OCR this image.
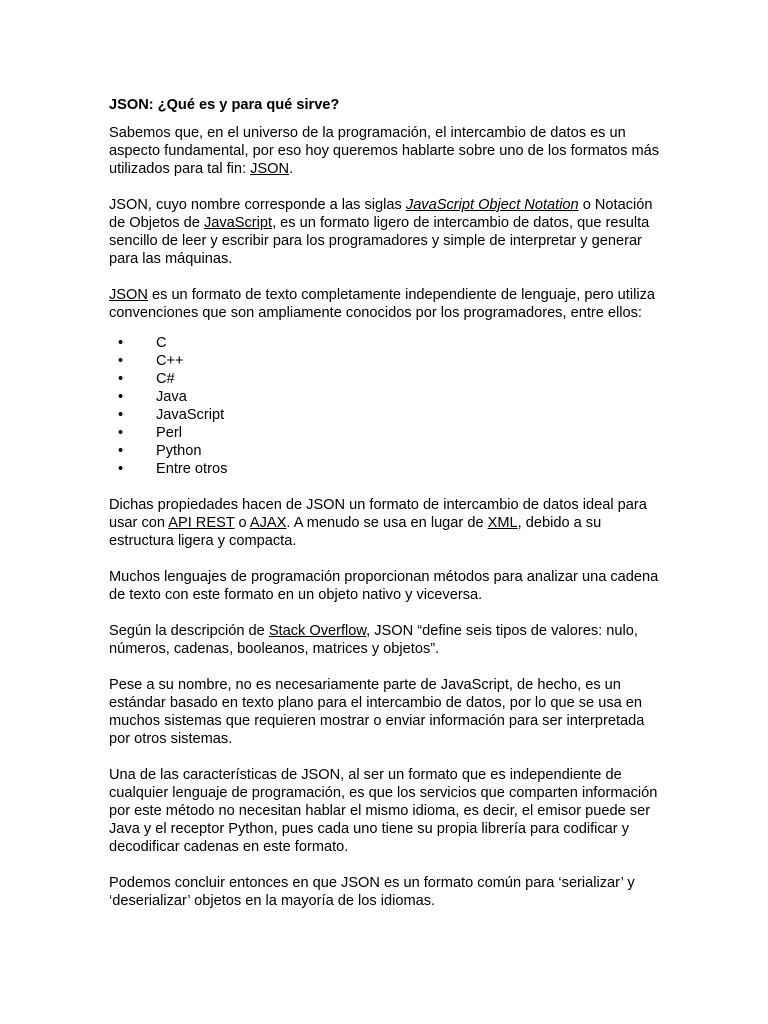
JSON: ¿Qué es y para qué sirve?

Sabemos que, en el universo de la programación, el intercambio de datos es un aspecto fundamental, por eso hoy queremos hablarte sobre uno de los formatos más utilizados para tal fin: JSON.

JSON, cuyo nombre corresponde a las siglas JavaScript Object Notation o Notación de Objetos de JavaScript, es un formato ligero de intercambio de datos, que resulta sencillo de leer y escribir para los programadores y simple de interpretar y generar para las máquinas.

JSON es un formato de texto completamente independiente de lenguaje, pero utiliza convenciones que son ampliamente conocidos por los programadores, entre ellos:

• C
• C++
• C#
• Java
• JavaScript
• Perl
• Python
• Entre otros

Dichas propiedades hacen de JSON un formato de intercambio de datos ideal para usar con API REST o AJAX. A menudo se usa en lugar de XML, debido a su estructura ligera y compacta.

Muchos lenguajes de programación proporcionan métodos para analizar una cadena de texto con este formato en un objeto nativo y viceversa.

Según la descripción de Stack Overflow, JSON “define seis tipos de valores: nulo, números, cadenas, booleanos, matrices y objetos”.

Pese a su nombre, no es necesariamente parte de JavaScript, de hecho, es un estándar basado en texto plano para el intercambio de datos, por lo que se usa en muchos sistemas que requieren mostrar o enviar información para ser interpretada por otros sistemas.

Una de las características de JSON, al ser un formato que es independiente de cualquier lenguaje de programación, es que los servicios que comparten información por este método no necesitan hablar el mismo idioma, es decir, el emisor puede ser Java y el receptor Python, pues cada uno tiene su propia librería para codificar y decodificar cadenas en este formato.

Podemos concluir entonces en que JSON es un formato común para ‘serializar’ y ‘deserializar’ objetos en la mayoría de los idiomas.
